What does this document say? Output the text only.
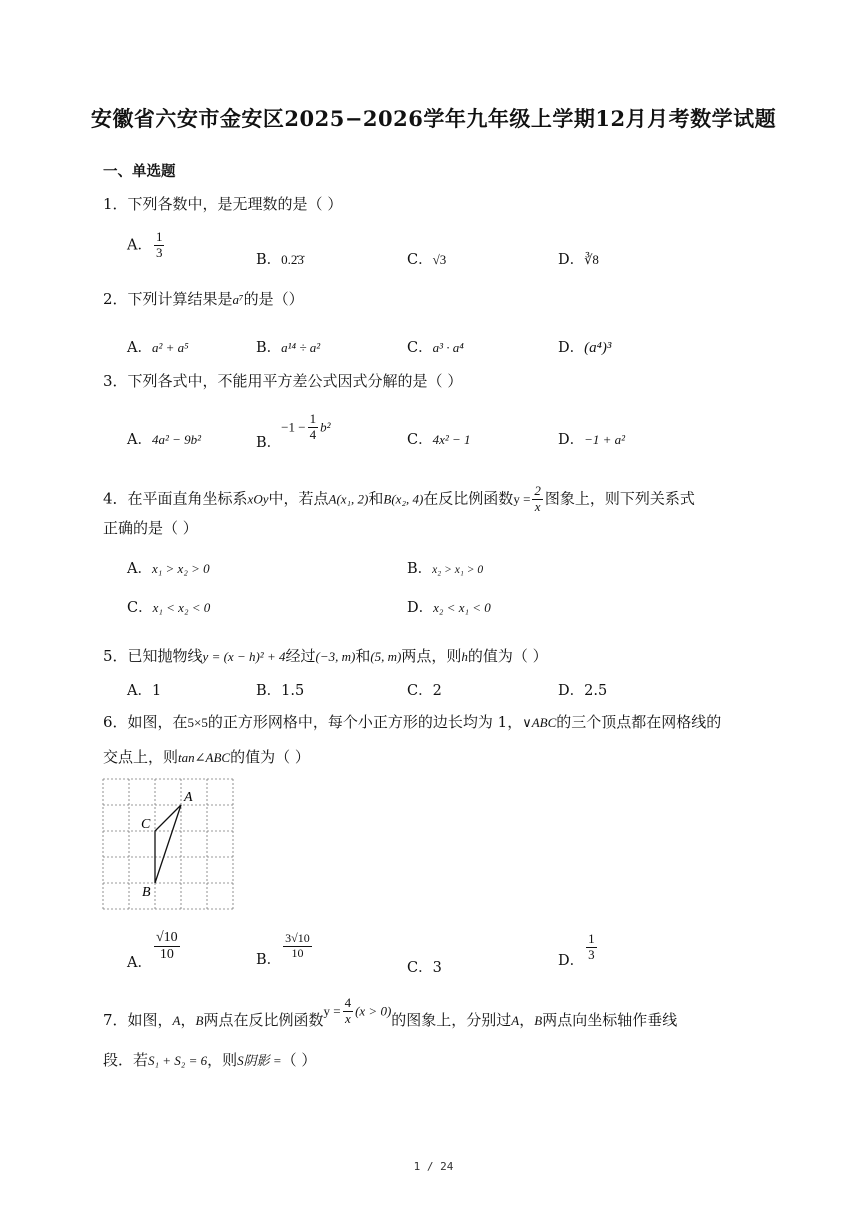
安徽省六安市金安区2025−2026学年九年级上学期12月月考数学试题
一、单选题
1．下列各数中，是无理数的是（ ）
A． $\frac{1}{3}$	B．0.2̇3̇	C．√3	D．∛8
2．下列计算结果是a⁷的是（）
A．a² + a⁵	B．a¹⁴ ÷ a²	C．a³ · a⁴	D．(a⁴)³
3．下列各式中，不能用平方差公式因式分解的是（ ）
A．4a² − 9b²	B．$-1 - \frac{1}{4} b^2$
C．4x² − 1	D．−1 + a²
4．在平面直角坐标系xOy中，若点A(x₁, 2)和B(x₂, 4)在反比例函数$y = \frac{2}{x}$ 图象上，则下列关系式
正确的是（ ）
A．x₁ > x₂ > 0	B．x₂ > x₁ > 0
C．x₁ < x₂ < 0	D．x₂ < x₁ < 0
5．已知抛物线y = (x − h)² + 4经过(−3, m)和(5, m)两点，则h的值为（ ）
A．1	B．1.5	C．2	D．2.5
6．如图，在5×5的正方形网格中，每个小正方形的边长均为 1，∨ABC的三个顶点都在网格线的
交点上，则tan∠ABC的值为（ ）
A
C
B
A． $\frac{√10}{10}$	B． $\frac{3√10}{10}$
C．3	D． $\frac{1}{3}$
7．如图，A，B两点在反比例函数$y = \frac{4}{x} (x > 0)$的图象上，分别过A，B两点向坐标轴作垂线
段．若S₁ + S₂ = 6，则S阴影 =（ ）
1 / 24
